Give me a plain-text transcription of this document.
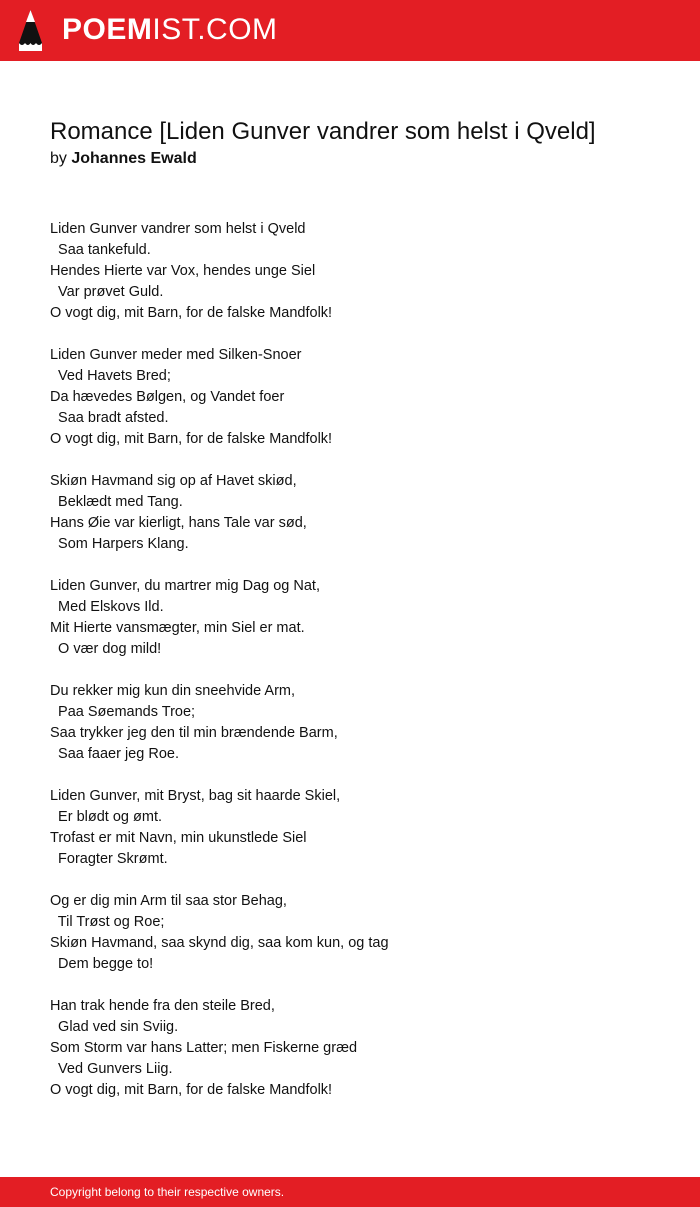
POEMIST.COM
Romance [Liden Gunver vandrer som helst i Qveld]
by Johannes Ewald
Liden Gunver vandrer som helst i Qveld
Saa tankefuld.
Hendes Hierte var Vox, hendes unge Siel
Var prøvet Guld.
O vogt dig, mit Barn, for de falske Mandfolk!
Liden Gunver meder med Silken-Snoer
Ved Havets Bred;
Da hævedes Bølgen, og Vandet foer
Saa bradt afsted.
O vogt dig, mit Barn, for de falske Mandfolk!
Skiøn Havmand sig op af Havet skiød,
Beklædt med Tang.
Hans Øie var kierligt, hans Tale var sød,
Som Harpers Klang.
Liden Gunver, du martrer mig Dag og Nat,
Med Elskovs Ild.
Mit Hierte vansmægter, min Siel er mat.
O vær dog mild!
Du rekker mig kun din sneehvide Arm,
Paa Søemands Troe;
Saa trykker jeg den til min brændende Barm,
Saa faaer jeg Roe.
Liden Gunver, mit Bryst, bag sit haarde Skiel,
Er blødt og ømt.
Trofast er mit Navn, min ukunstlede Siel
Foragter Skrømt.
Og er dig min Arm til saa stor Behag,
Til Trøst og Roe;
Skiøn Havmand, saa skynd dig, saa kom kun, og tag
Dem begge to!
Han trak hende fra den steile Bred,
Glad ved sin Sviig.
Som Storm var hans Latter; men Fiskerne græd
Ved Gunvers Liig.
O vogt dig, mit Barn, for de falske Mandfolk!
Copyright belong to their respective owners.
